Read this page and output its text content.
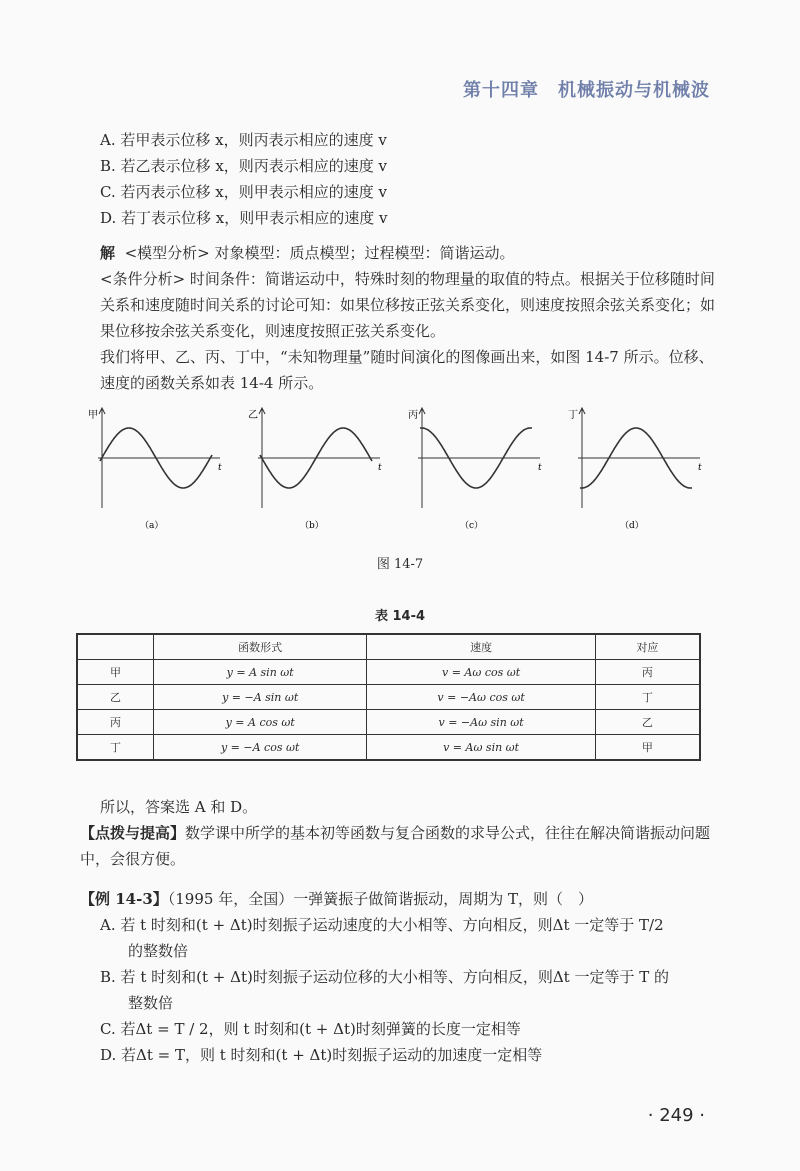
第十四章　机械振动与机械波
A. 若甲表示位移 x，则丙表示相应的速度 v
B. 若乙表示位移 x，则丙表示相应的速度 v
C. 若丙表示位移 x，则甲表示相应的速度 v
D. 若丁表示位移 x，则甲表示相应的速度 v
解 <模型分析> 对象模型：质点模型；过程模型：简谐运动。
<条件分析> 时间条件：简谐运动中，特殊时刻的物理量的取值的特点。根据关于位移随时间关系和速度随时间关系的讨论可知：如果位移按正弦关系变化，则速度按照余弦关系变化；如果位移按余弦关系变化，则速度按照正弦关系变化。
我们将甲、乙、丙、丁中，“未知物理量”随时间演化的图像画出来，如图 14-7 所示。位移、速度的函数关系如表 14-4 所示。
甲
t
（a）
乙
t
（b）
丙
t
（c）
丁
t
（d）
图 14-7
表 14-4
	函数形式	速度	对应
甲	y = A sin ωt	v = Aω cos ωt	丙
乙	y = −A sin ωt	v = −Aω cos ωt	丁
丙	y = A cos ωt	v = −Aω sin ωt	乙
丁	y = −A cos ωt	v = Aω sin ωt	甲
所以，答案选 A 和 D。
【点拨与提高】数学课中所学的基本初等函数与复合函数的求导公式，往往在解决简谐振动问题中，会很方便。
【例 14-3】（1995 年，全国）一弹簧振子做简谐振动，周期为 T，则（　）
A. 若 t 时刻和(t + Δt)时刻振子运动速度的大小相等、方向相反，则Δt 一定等于 T/2
的整数倍
B. 若 t 时刻和(t + Δt)时刻振子运动位移的大小相等、方向相反，则Δt 一定等于 T 的
整数倍
C. 若Δt = T / 2，则 t 时刻和(t + Δt)时刻弹簧的长度一定相等
D. 若Δt = T，则 t 时刻和(t + Δt)时刻振子运动的加速度一定相等
· 249 ·
